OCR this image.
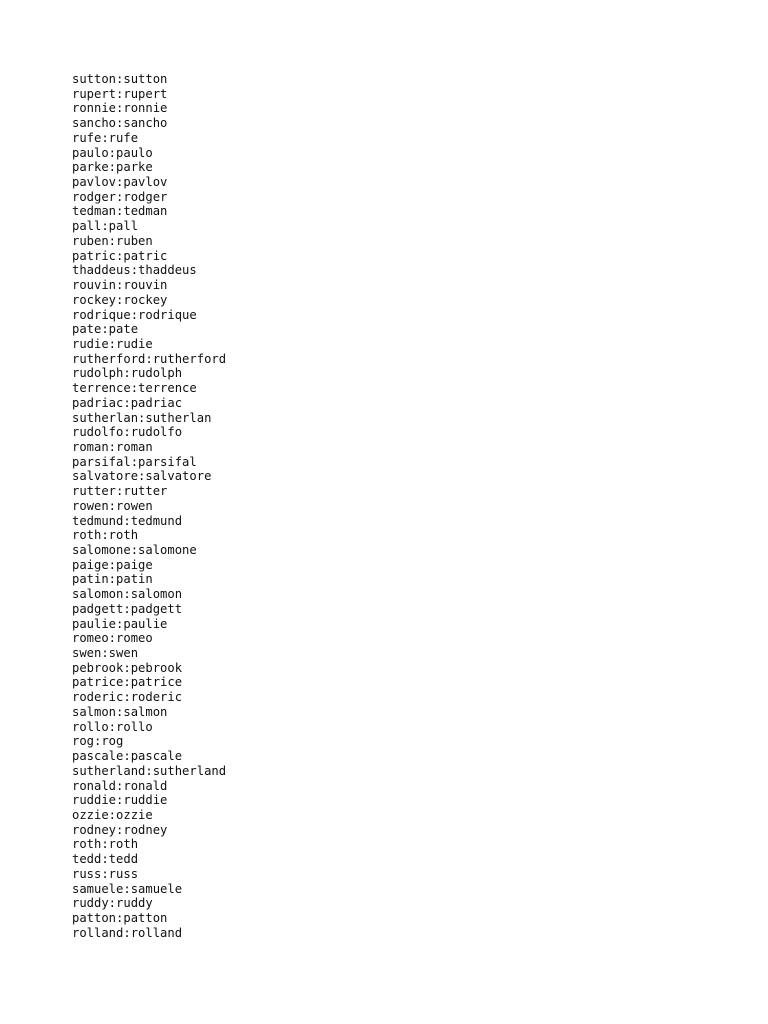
sutton:sutton
rupert:rupert
ronnie:ronnie
sancho:sancho
rufe:rufe
paulo:paulo
parke:parke
pavlov:pavlov
rodger:rodger
tedman:tedman
pall:pall
ruben:ruben
patric:patric
thaddeus:thaddeus
rouvin:rouvin
rockey:rockey
rodrique:rodrique
pate:pate
rudie:rudie
rutherford:rutherford
rudolph:rudolph
terrence:terrence
padriac:padriac
sutherlan:sutherlan
rudolfo:rudolfo
roman:roman
parsifal:parsifal
salvatore:salvatore
rutter:rutter
rowen:rowen
tedmund:tedmund
roth:roth
salomone:salomone
paige:paige
patin:patin
salomon:salomon
padgett:padgett
paulie:paulie
romeo:romeo
swen:swen
pebrook:pebrook
patrice:patrice
roderic:roderic
salmon:salmon
rollo:rollo
rog:rog
pascale:pascale
sutherland:sutherland
ronald:ronald
ruddie:ruddie
ozzie:ozzie
rodney:rodney
roth:roth
tedd:tedd
russ:russ
samuele:samuele
ruddy:ruddy
patton:patton
rolland:rolland
